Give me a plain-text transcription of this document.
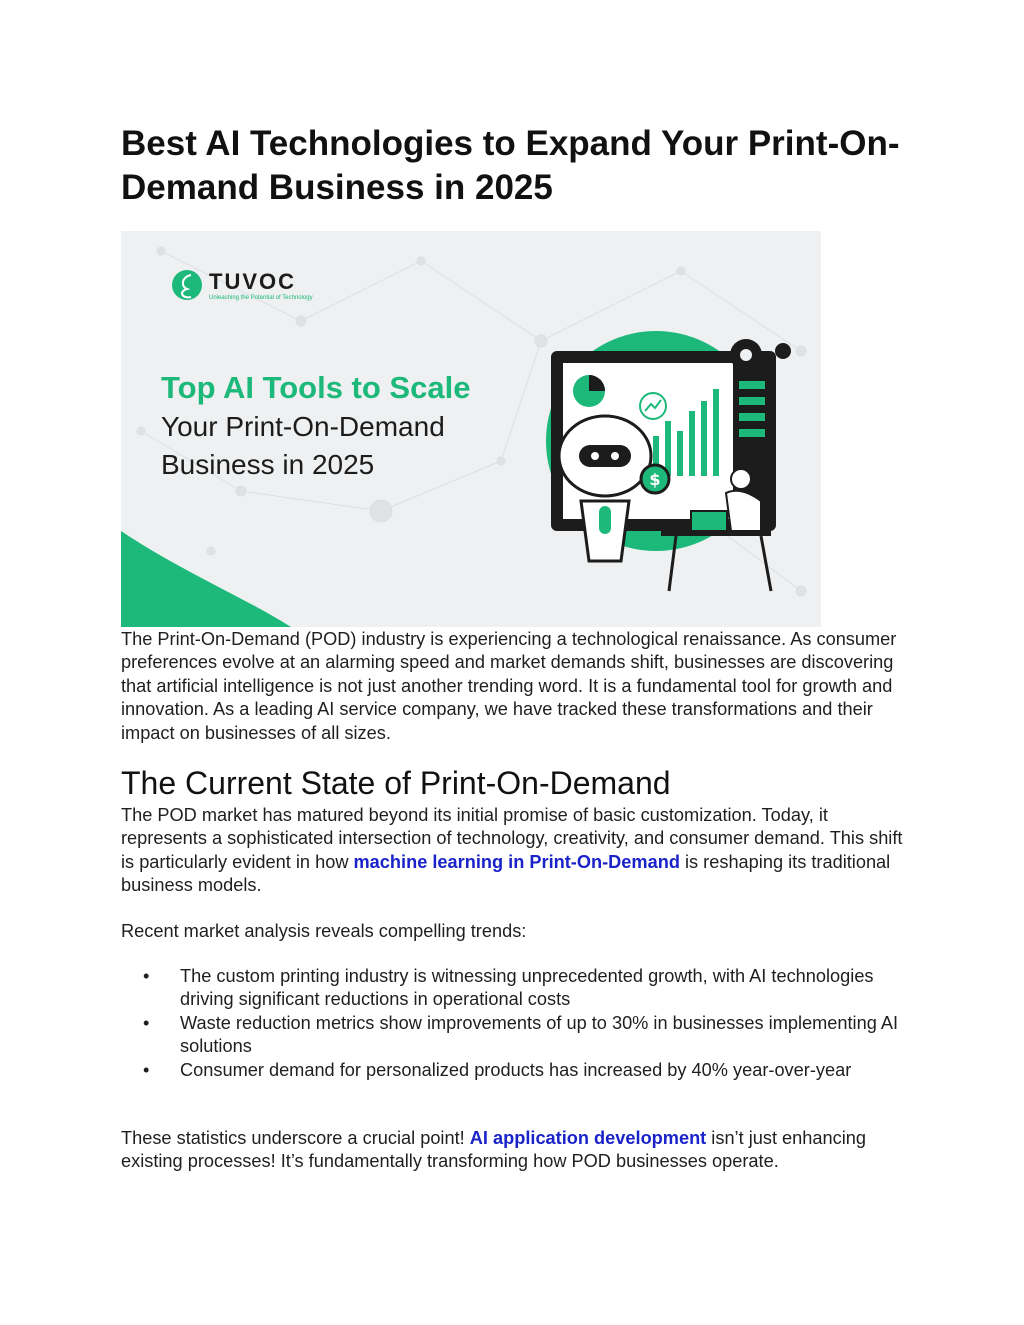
Best AI Technologies to Expand Your Print-On-Demand Business in 2025
$
TUVOC
Unleashing the Potential of Technology
Top AI Tools to Scale
Your Print-On-Demand
Business in 2025

The Print-On-Demand (POD) industry is experiencing a technological renaissance. As consumer preferences evolve at an alarming speed and market demands shift, businesses are discovering that artificial intelligence is not just another trending word. It is a fundamental tool for growth and innovation. As a leading AI service company, we have tracked these transformations and their impact on businesses of all sizes.

The Current State of Print-On-Demand

The POD market has matured beyond its initial promise of basic customization. Today, it represents a sophisticated intersection of technology, creativity, and consumer demand. This shift is particularly evident in how machine learning in Print-On-Demand is reshaping its traditional business models.

Recent market analysis reveals compelling trends:

• The custom printing industry is witnessing unprecedented growth, with AI technologies driving significant reductions in operational costs
• Waste reduction metrics show improvements of up to 30% in businesses implementing AI solutions
• Consumer demand for personalized products has increased by 40% year-over-year

These statistics underscore a crucial point! AI application development isn’t just enhancing existing processes! It’s fundamentally transforming how POD businesses operate.
